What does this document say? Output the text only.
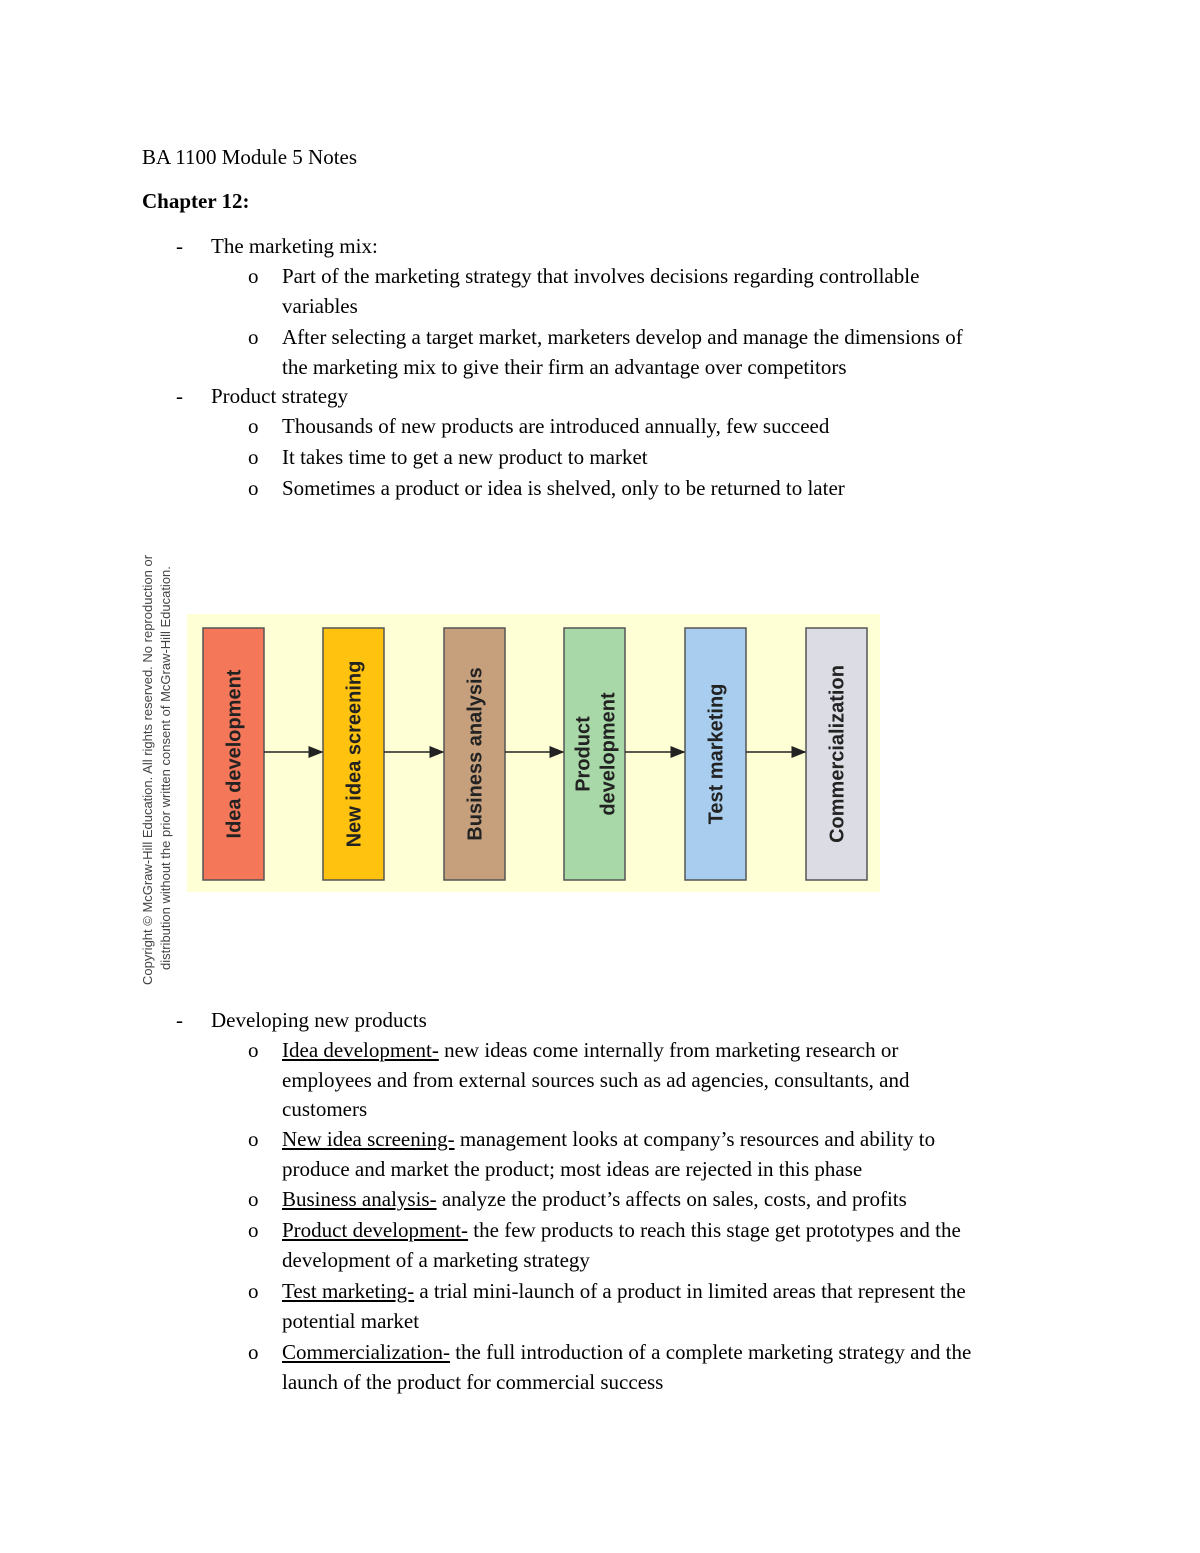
BA 1100 Module 5 Notes
Chapter 12:
- The marketing mix:
o Part of the marketing strategy that involves decisions regarding controllable
variables
o After selecting a target market, marketers develop and manage the dimensions of
the marketing mix to give their firm an advantage over competitors
- Product strategy
o Thousands of new products are introduced annually, few succeed
o It takes time to get a new product to market
o Sometimes a product or idea is shelved, only to be returned to later
Copyright © McGraw-Hill Education. All rights reserved. No reproduction or distribution without the prior written consent of McGraw-Hill Education.	Idea development	New idea screening	Business analysis	Product development	Test marketing	Commercialization
- Developing new products
o Idea development- new ideas come internally from marketing research or
employees and from external sources such as ad agencies, consultants, and
customers
o New idea screening- management looks at company’s resources and ability to
produce and market the product; most ideas are rejected in this phase
o Business analysis- analyze the product’s affects on sales, costs, and profits
o Product development- the few products to reach this stage get prototypes and the
development of a marketing strategy
o Test marketing- a trial mini-launch of a product in limited areas that represent the
potential market
o Commercialization- the full introduction of a complete marketing strategy and the
launch of the product for commercial success
